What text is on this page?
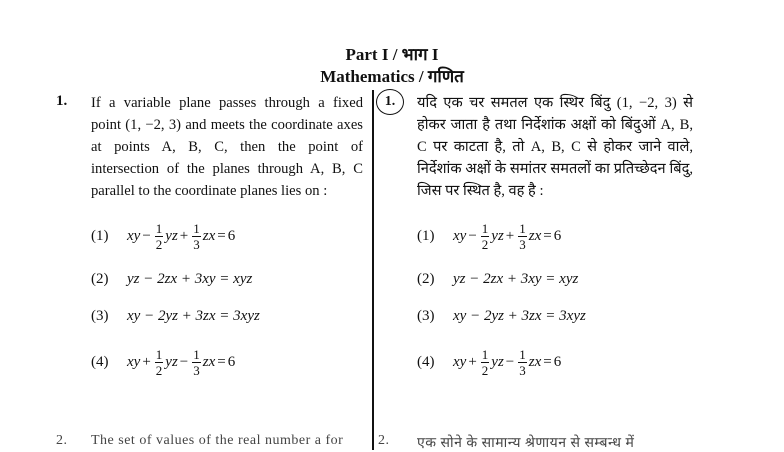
Part I / भाग I
Mathematics / गणित
1. If a variable plane passes through a fixed point (1, −2, 3) and meets the coordinate axes at points A, B, C, then the point of intersection of the planes through A, B, C parallel to the coordinate planes lies on :
(1)	xy − $\frac{1}{2}$ yz + $\frac{1}{3}$ zx = 6
(2)	yz − 2zx + 3xy = xyz
(3)	xy − 2yz + 3zx = 3xyz
(4)	xy + $\frac{1}{2}$ yz − $\frac{1}{3}$ zx = 6
1.	यदि एक चर समतल एक स्थिर बिंदु (1, −2, 3) से होकर जाता है तथा निर्देशांक अक्षों को बिंदुओं A, B, C पर काटता है, तो A, B, C से होकर जाने वाले, निर्देशांक अक्षों के समांतर समतलों का प्रतिच्छेदन बिंदु, जिस पर स्थित है, वह है :
(1)	xy − $\frac{1}{2}$ yz + $\frac{1}{3}$ zx = 6
(2)	yz − 2zx + 3xy = xyz
(3)	xy − 2yz + 3zx = 3xyz
(4)	xy + $\frac{1}{2}$ yz − $\frac{1}{3}$ zx = 6
2. The set of values of the real number a for 2. एक सोने के सामान्य श्रेणायन से सम्बन्ध में
